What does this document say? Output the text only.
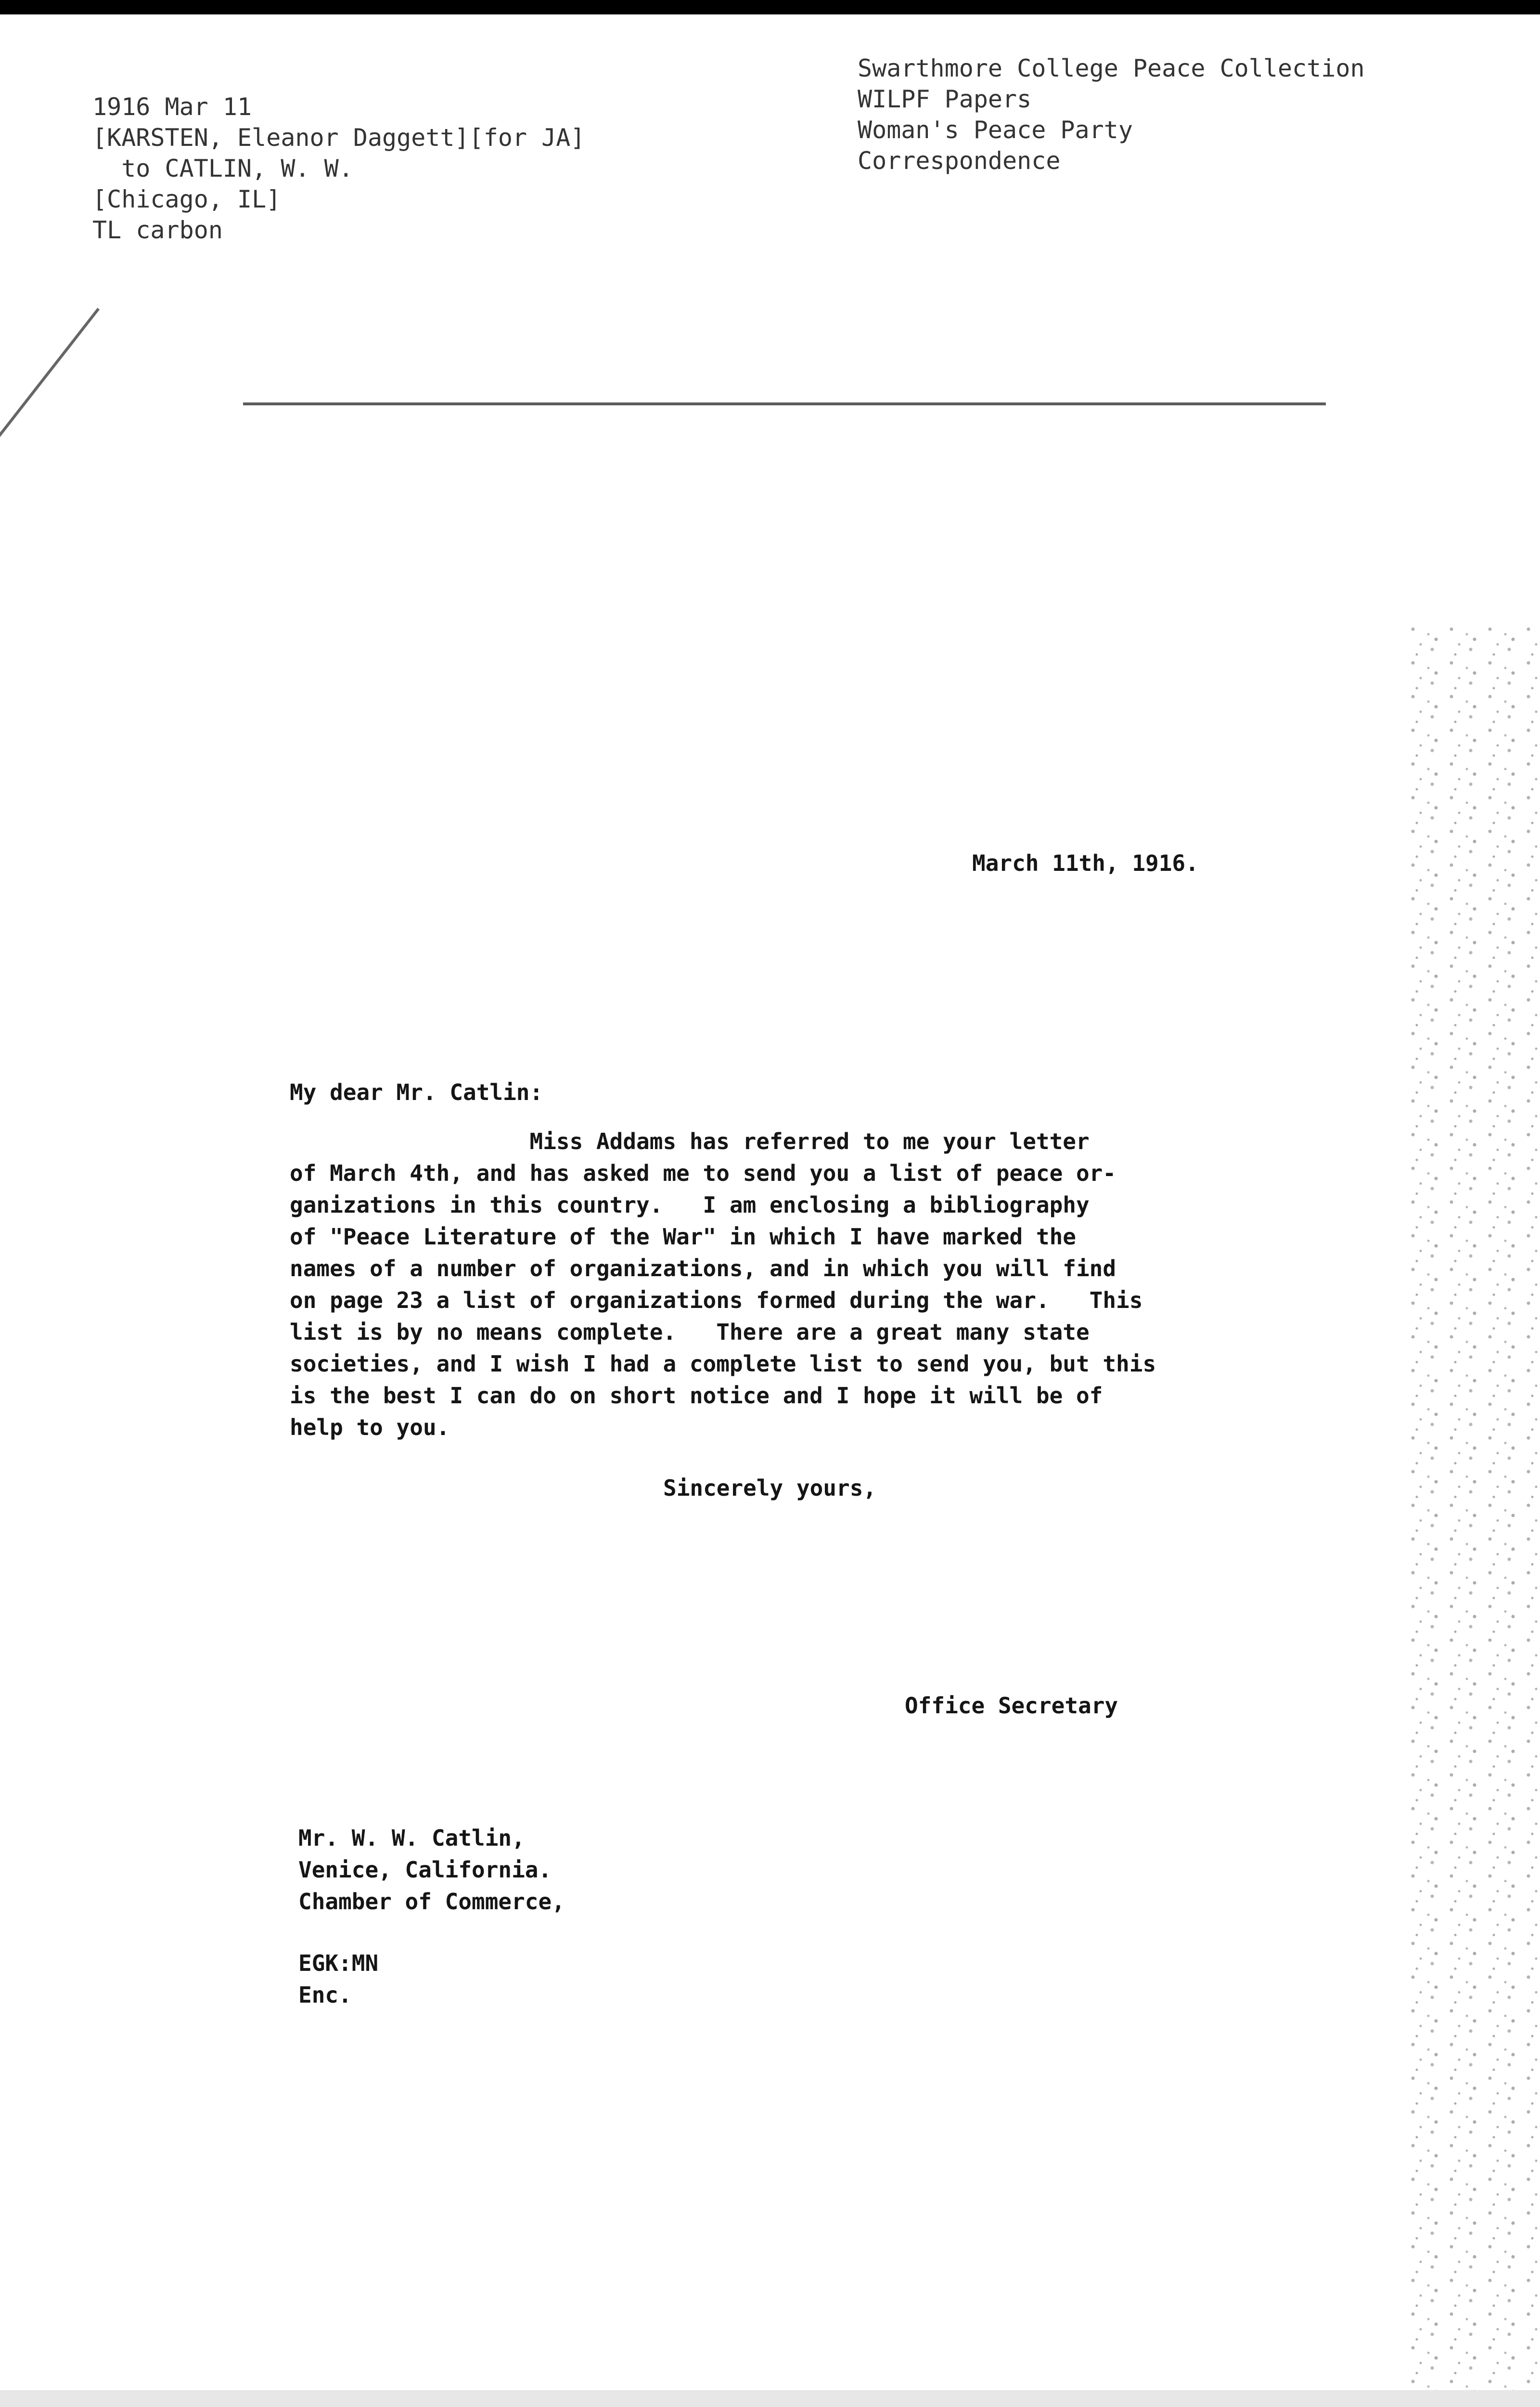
1916 Mar 11
[KARSTEN, Eleanor Daggett][for JA]
to CATLIN, W. W.
[Chicago, IL]
TL carbon
Swarthmore College Peace Collection
WILPF Papers
Woman's Peace Party
Correspondence
March 11th, 1916.
My dear Mr. Catlin:
Miss Addams has referred to me your letter
of March 4th, and has asked me to send you a list of peace or-
ganizations in this country.   I am enclosing a bibliography
of "Peace Literature of the War" in which I have marked the
names of a number of organizations, and in which you will find
on page 23 a list of organizations formed during the war.   This
list is by no means complete.   There are a great many state
societies, and I wish I had a complete list to send you, but this
is the best I can do on short notice and I hope it will be of
help to you.
Sincerely yours,
Office Secretary
Mr. W. W. Catlin,
Venice, California.
Chamber of Commerce,
EGK:MN
Enc.
